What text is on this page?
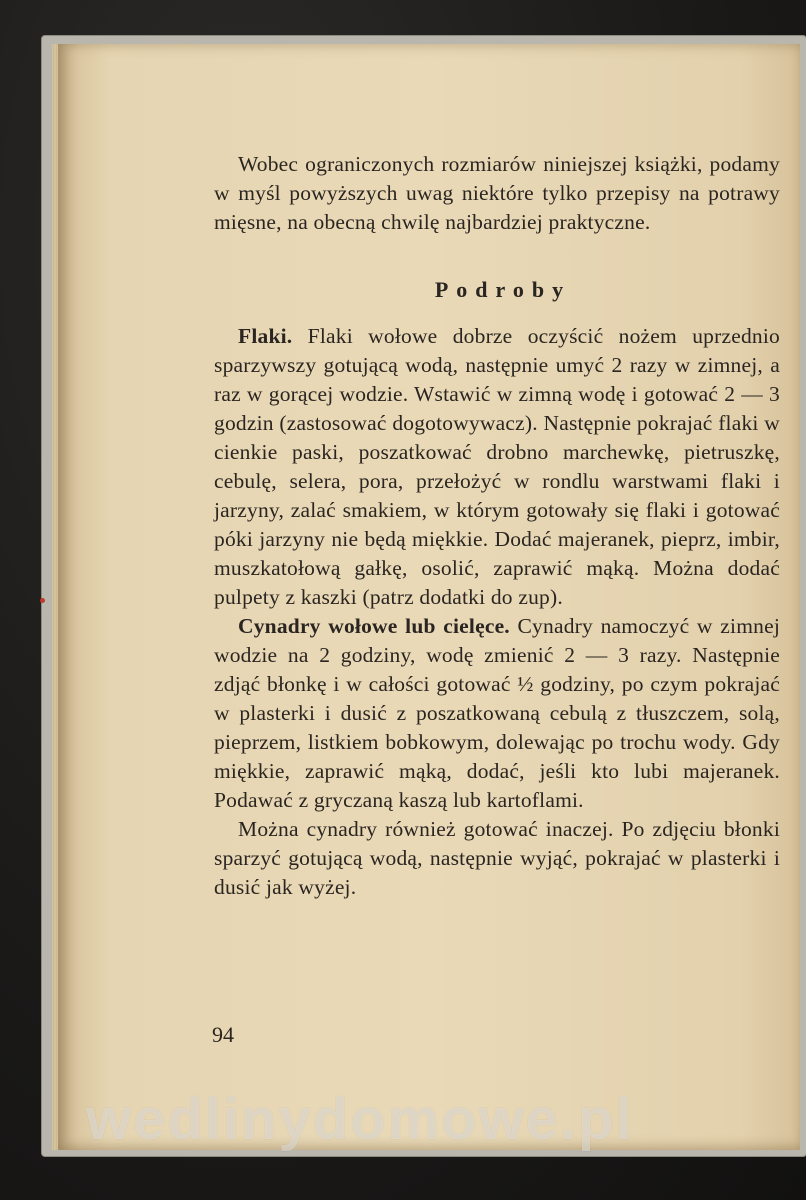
Wobec ograniczonych rozmiarów niniejszej książki, podamy w myśl powyższych uwag niektóre tylko przepisy na potrawy mięsne, na obecną chwilę najbardziej praktyczne.

Podroby

Flaki. Flaki wołowe dobrze oczyścić nożem uprzednio sparzywszy gotującą wodą, następnie umyć 2 razy w zimnej, a raz w gorącej wodzie. Wstawić w zimną wodę i gotować 2 — 3 godzin (zastosować dogotowywacz). Następnie pokrajać flaki w cienkie paski, poszatkować drobno marchewkę, pietruszkę, cebulę, selera, pora, przełożyć w rondlu warstwami flaki i jarzyny, zalać smakiem, w którym gotowały się flaki i gotować póki jarzyny nie będą miękkie. Dodać majeranek, pieprz, imbir, muszkatołową gałkę, osolić, zaprawić mąką. Można dodać pulpety z kaszki (patrz dodatki do zup).

Cynadry wołowe lub cielęce. Cynadry namoczyć w zimnej wodzie na 2 godziny, wodę zmienić 2 — 3 razy. Następnie zdjąć błonkę i w całości gotować ½ godziny, po czym pokrajać w plasterki i dusić z poszatkowaną cebulą z tłuszczem, solą, pieprzem, listkiem bobkowym, dolewając po trochu wody. Gdy miękkie, zaprawić mąką, dodać, jeśli kto lubi majeranek. Podawać z gryczaną kaszą lub kartoflami.

Można cynadry również gotować inaczej. Po zdjęciu błonki sparzyć gotującą wodą, następnie wyjąć, pokrajać w plasterki i dusić jak wyżej.

94
wedlinydomowe.pl
